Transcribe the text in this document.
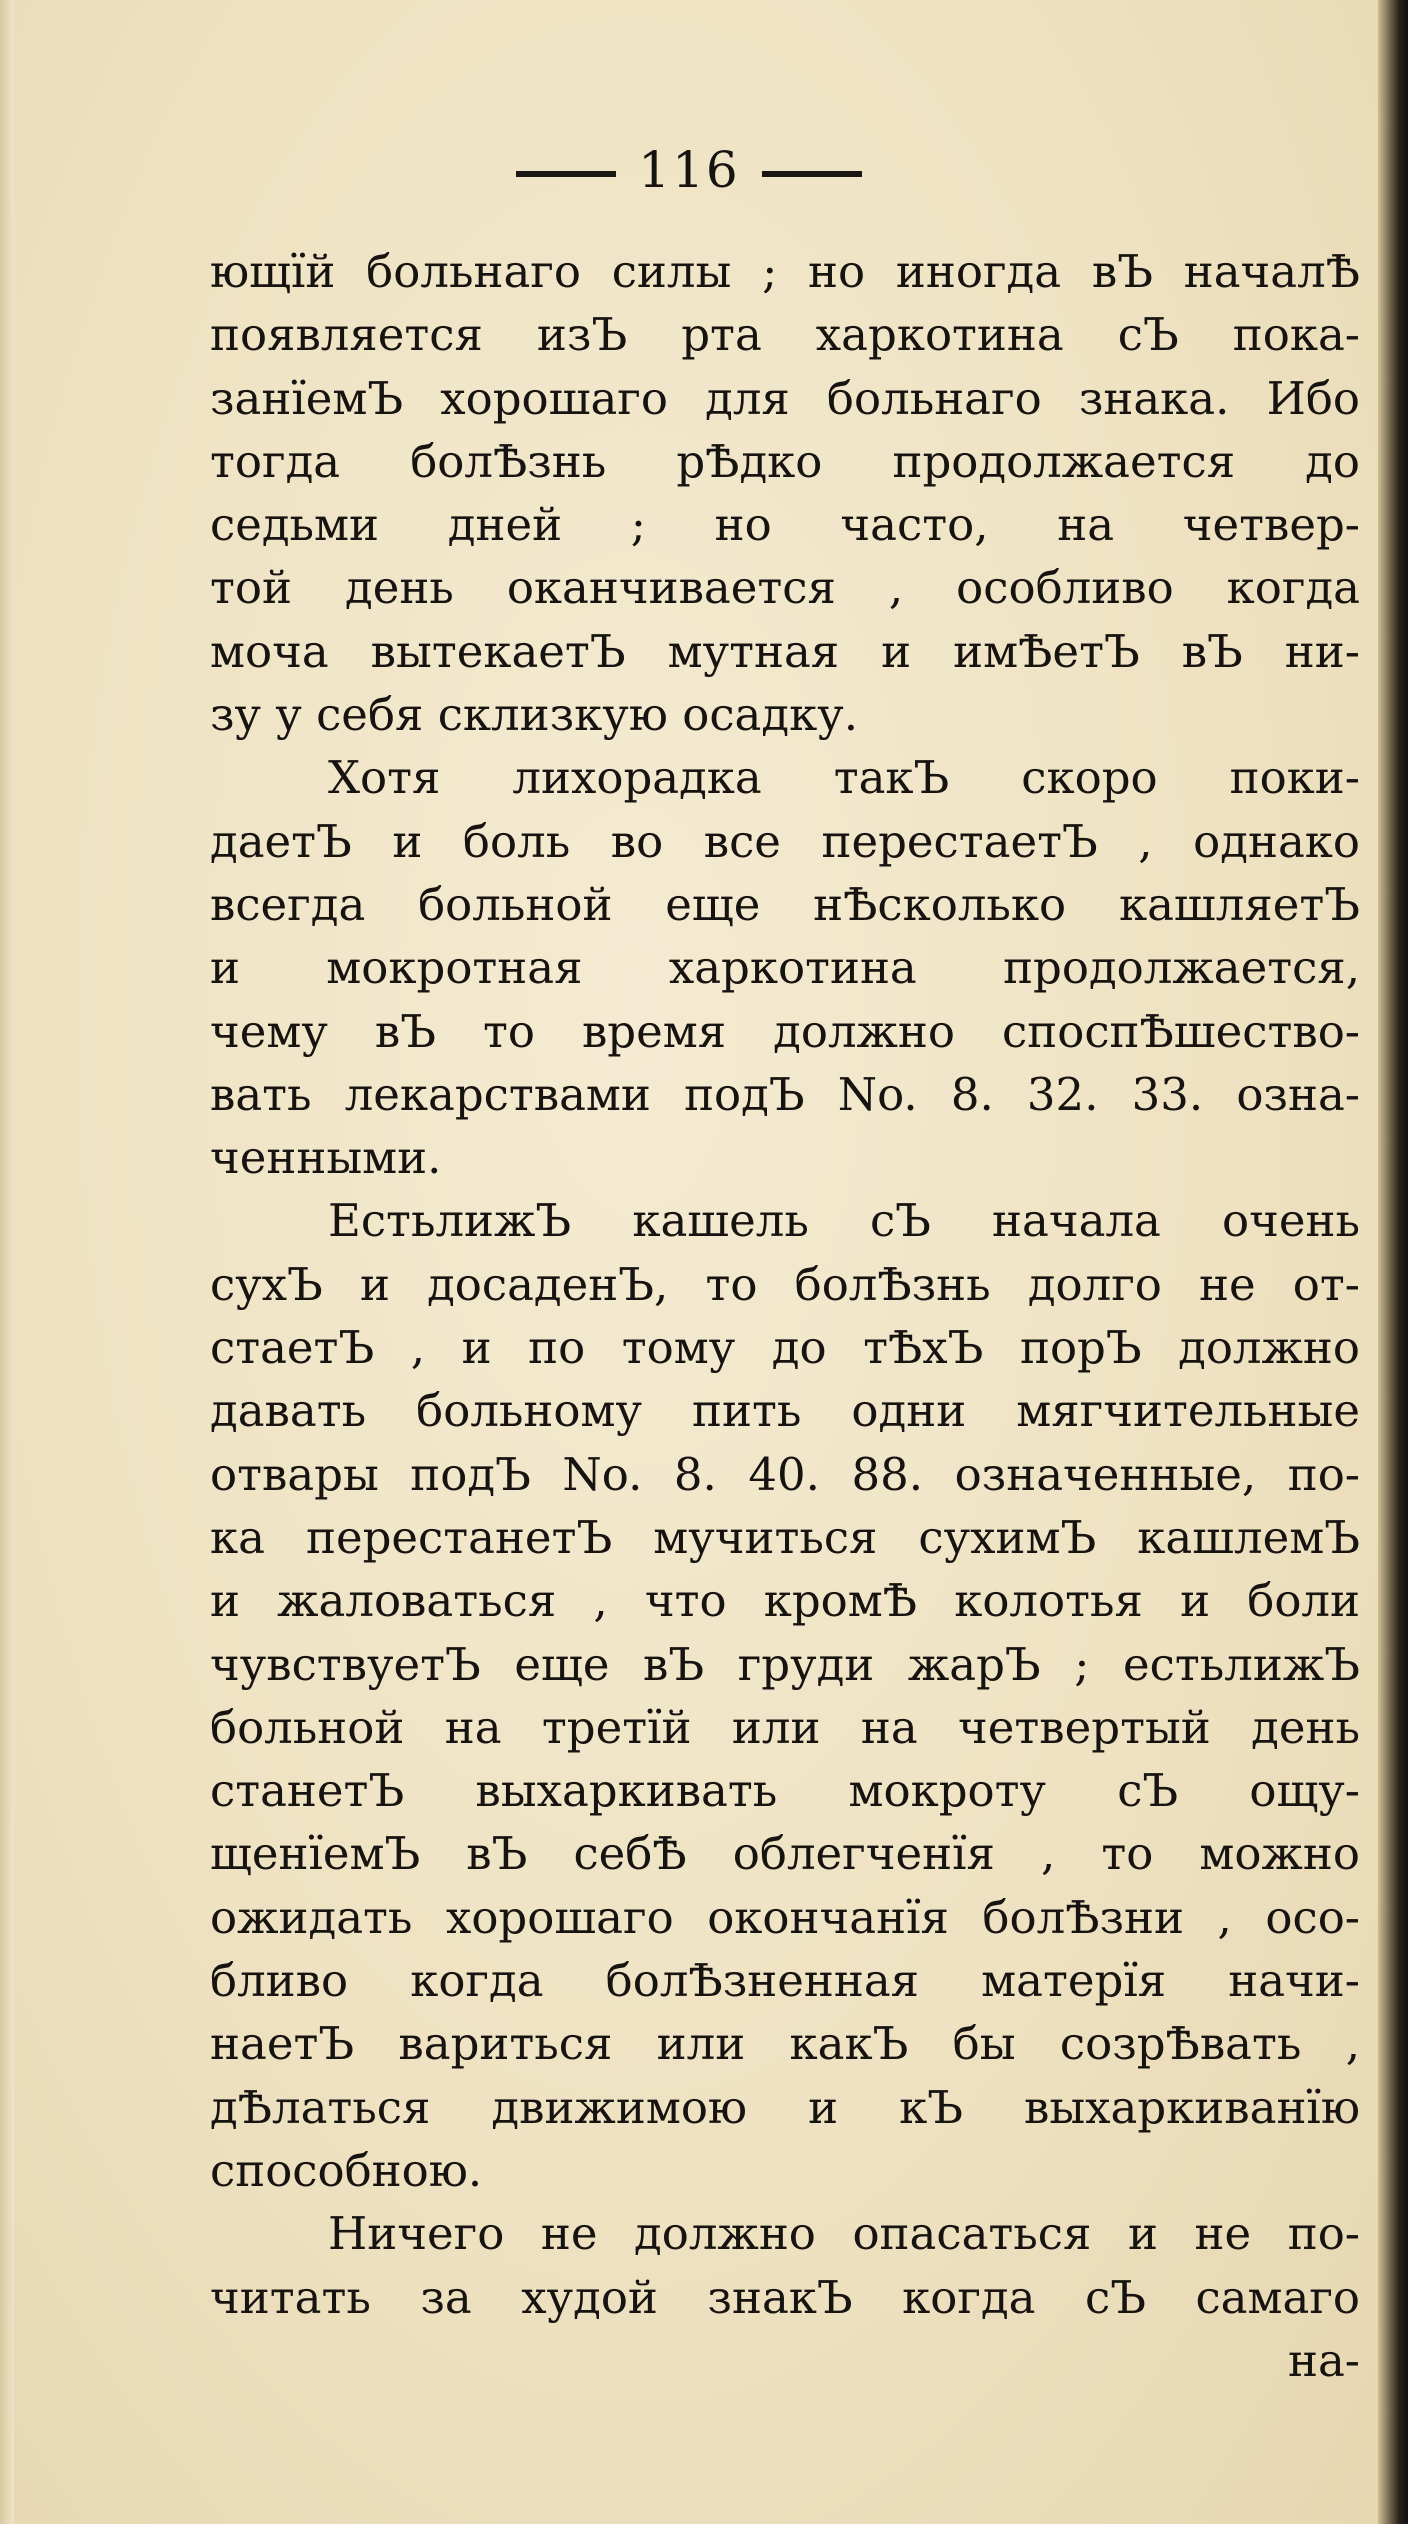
116
ющїй больнаго силы ; но иногда вЪ началѢ
появляется изЪ рта харкотина сЪ пока-
занїемЪ хорошаго для больнаго знака. Ибо
тогда болѢзнь рѢдко продолжается до
седьми дней ; но часто, на четвер-
той день оканчивается , особливо когда
моча вытекаетЪ мутная и имѢетЪ вЪ ни-
зу у себя склизкую осадку.
Хотя лихорадка такЪ скоро поки-
даетЪ и боль во все перестаетЪ , однако
всегда больной еще нѢсколько кашляетЪ
и мокротная харкотина продолжается,
чему вЪ то время должно споспѢшество-
вать лекарствами подЪ No. 8. 32. 33. озна-
ченными.
ЕстьлижЪ кашель сЪ начала очень
сухЪ и досаденЪ, то болѢзнь долго не от-
стаетЪ , и по тому до тѢхЪ порЪ должно
давать больному пить одни мягчительные
отвары подЪ No. 8. 40. 88. означенные, по-
ка перестанетЪ мучиться сухимЪ кашлемЪ
и жаловаться , что кромѢ колотья и боли
чувствуетЪ еще вЪ груди жарЪ ; естьлижЪ
больной на третїй или на четвертый день
станетЪ выхаркивать мокроту сЪ ощу-
щенїемЪ вЪ себѢ облегченїя , то можно
ожидать хорошаго окончанїя болѢзни , осо-
бливо когда болѢзненная матерїя начи-
наетЪ вариться или какЪ бы созрѢвать ,
дѢлаться движимою и кЪ выхаркиванїю
способною.
Ничего не должно опасаться и не по-
читать за худой знакЪ когда сЪ самаго
на-
